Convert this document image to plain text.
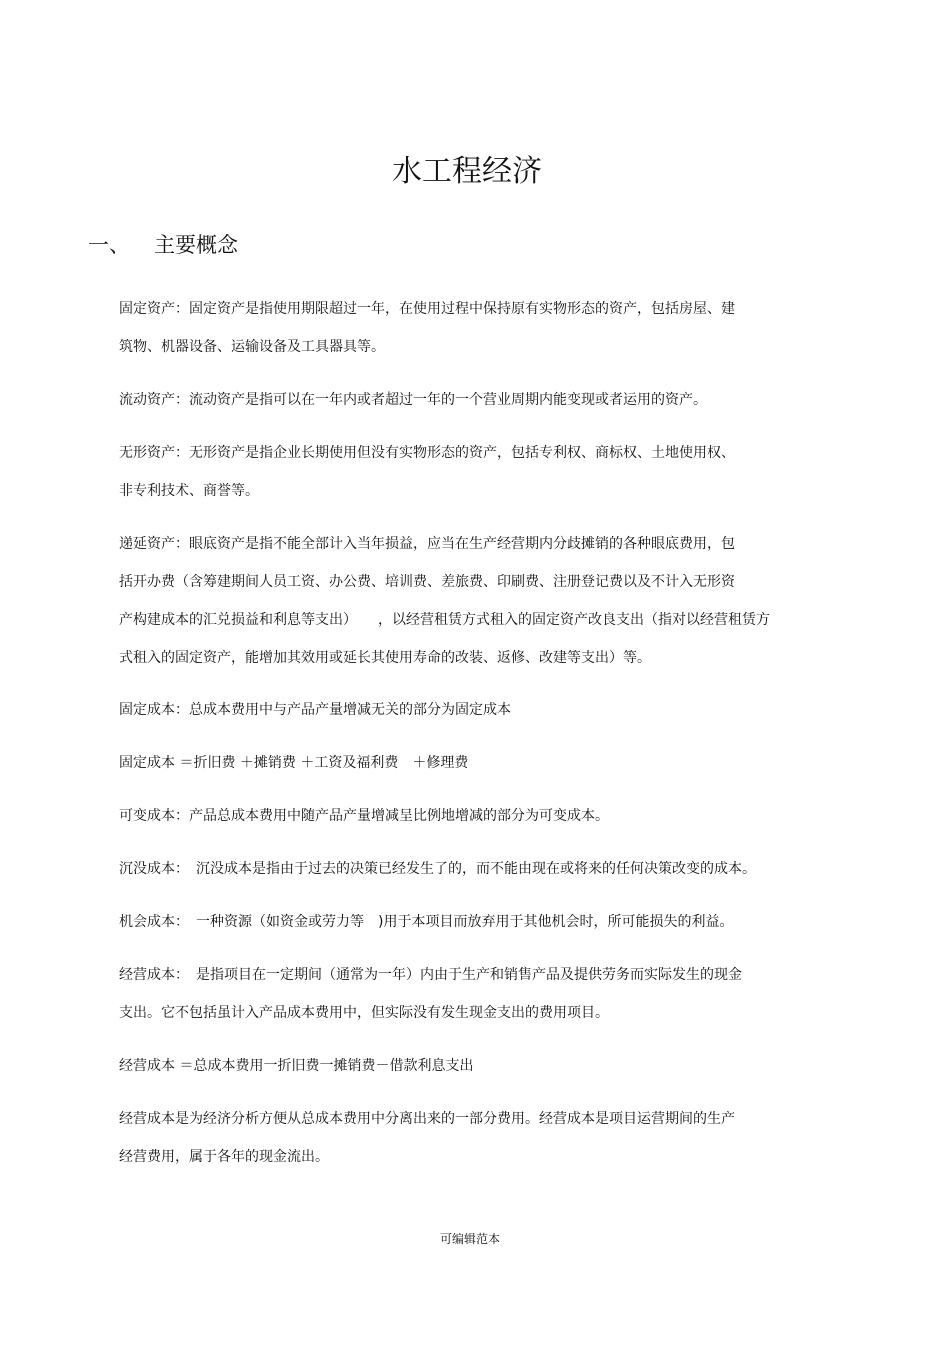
水工程经济
一、 主要概念

固定资产：固定资产是指使用期限超过一年，在使用过程中保持原有实物形态的资产，包括房屋、建
筑物、机器设备、运输设备及工具器具等。

流动资产：流动资产是指可以在一年内或者超过一年的一个营业周期内能变现或者运用的资产。

无形资产：无形资产是指企业长期使用但没有实物形态的资产，包括专利权、商标权、土地使用权、
非专利技术、商誉等。

递延资产：眼底资产是指不能全部计入当年损益，应当在生产经营期内分歧摊销的各种眼底费用，包
括开办费（含筹建期间人员工资、办公费、培训费、差旅费、印刷费、注册登记费以及不计入无形资
产构建成本的汇兑损益和利息等支出）　　，以经营租赁方式租入的固定资产改良支出（指对以经营租赁方
式租入的固定资产，能增加其效用或延长其使用寿命的改装、返修、改建等支出）等。

固定成本：总成本费用中与产品产量增减无关的部分为固定成本

固定成本 ＝折旧费 ＋摊销费 ＋工资及福利费　＋修理费

可变成本：产品总成本费用中随产品产量增减呈比例地增减的部分为可变成本。

沉没成本：　沉没成本是指由于过去的决策已经发生了的，而不能由现在或将来的任何决策改变的成本。

机会成本：　一种资源（如资金或劳力等　)用于本项目而放弃用于其他机会时，所可能损失的利益。

经营成本：　是指项目在一定期间（通常为一年）内由于生产和销售产品及提供劳务而实际发生的现金
支出。它不包括虽计入产品成本费用中，但实际没有发生现金支出的费用项目。

经营成本 ＝总成本费用一折旧费一摊销费－借款利息支出

经营成本是为经济分析方便从总成本费用中分离出来的一部分费用。经营成本是项目运营期间的生产
经营费用，属于各年的现金流出。

可编辑范本
